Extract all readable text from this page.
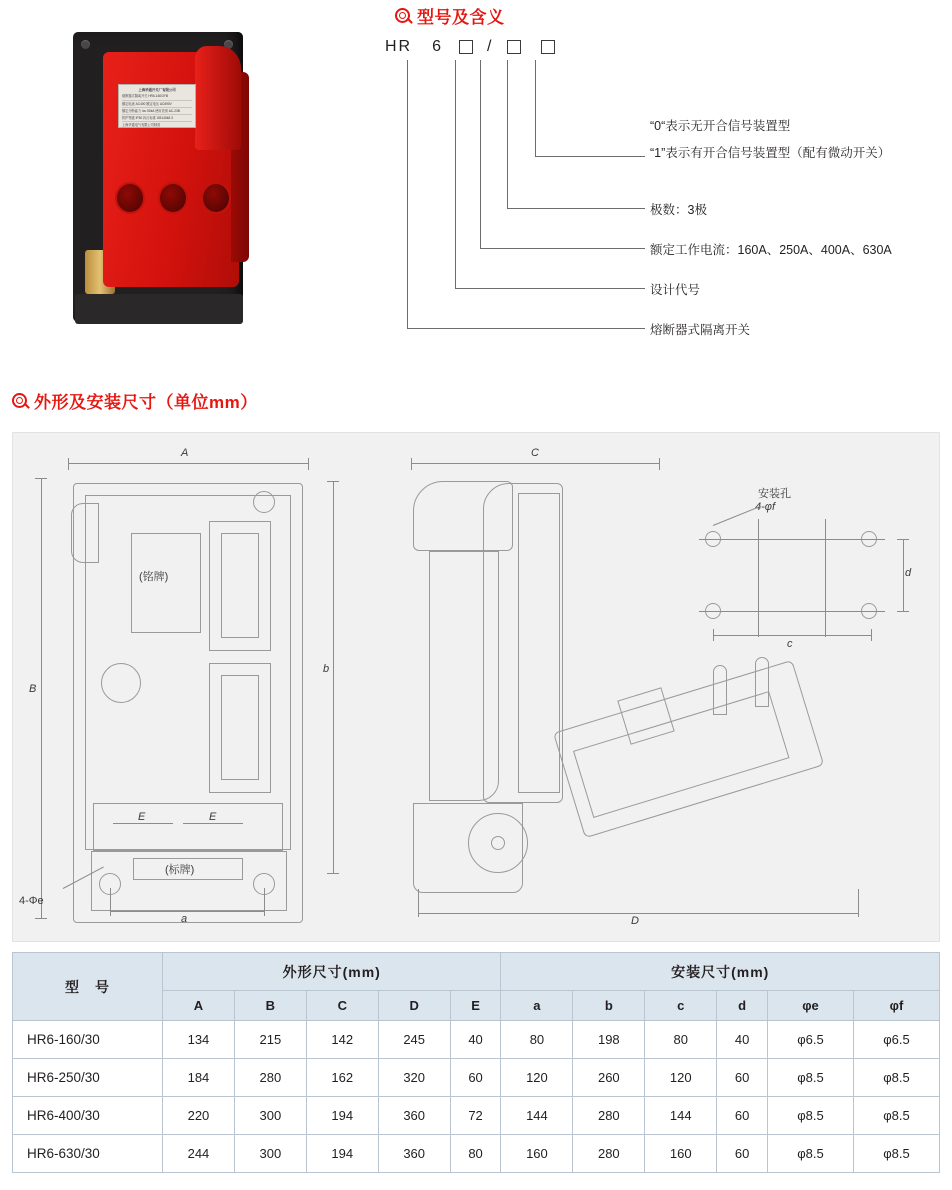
型号及含义
上海华通开关厂有限公司
熔断器式隔离开关 HR6-160/3YB
额定电流 AC400 额定电压 AC690V
额定分断能力 Icu 50kA 使用类别 AC-23B
防护等级 IP30 执行标准 GB14048.3
上海华通电气有限公司制造
HR 6	/
“0“表示无开合信号装置型
“1”表示有开合信号装置型（配有微动开关）
极数：3极
额定工作电流：160A、250A、400A、630A
设计代号
熔断器式隔离开关
外形及安装尺寸（单位mm）
A
B
b
(铭牌)
(标牌)
E	E
a
4-Φe
C
D
安装孔
4-φf
d
c
型　号	外形尺寸(mm)					安装尺寸(mm)					
	A	B	C	D	E	a	b	c	d	φe	φf
HR6-160/30	134	215	142	245	40	80	198	80	40	φ6.5	φ6.5
HR6-250/30	184	280	162	320	60	120	260	120	60	φ8.5	φ8.5
HR6-400/30	220	300	194	360	72	144	280	144	60	φ8.5	φ8.5
HR6-630/30	244	300	194	360	80	160	280	160	60	φ8.5	φ8.5
